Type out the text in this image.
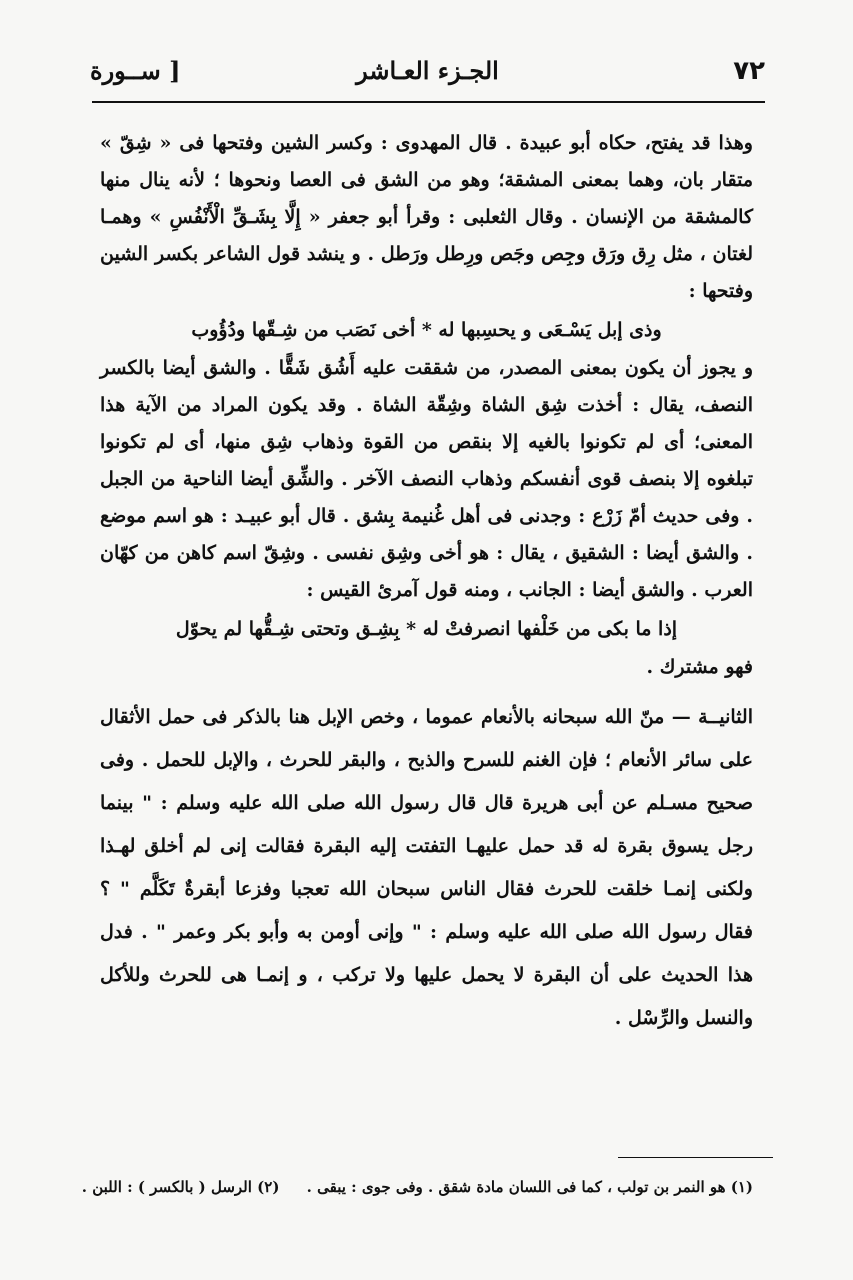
٧٢
الجـزء العـاشر
[ ســورة

وهذا قد يفتح، حكاه أبو عبيدة . قال المهدوى : وكسر الشين وفتحها فى « شِقّ » متقار بان، وهما بمعنى المشقة؛ وهو من الشق فى العصا ونحوها ؛ لأنه ينال منها كالمشقة من الإنسان . وقال الثعلبى : وقرأ أبو جعفر « إِلَّا بِشَـقِّ الْأَنْفُسِ » وهمـا لغتان ، مثل رِق ورَق وجِص وجَص ورِطل ورَطل . و ينشد قول الشاعر بكسر الشين وفتحها :

وذى إبل يَسْـعَى و يحسِبها له * أخى نَصَب من شِـقّها ودُؤُوب

و يجوز أن يكون بمعنى المصدر، من شققت عليه أَشُق شَقًّا . والشق أيضا بالكسر النصف، يقال : أخذت شِق الشاة وشِقّة الشاة . وقد يكون المراد من الآية هذا المعنى؛ أى لم تكونوا بالغيه إلا بنقص من القوة وذهاب شِق منها، أى لم تكونوا تبلغوه إلا بنصف قوى أنفسكم وذهاب النصف الآخر . والشِّق أيضا الناحية من الجبل . وفى حديث أمّ زَرْع : وجدنى فى أهل غُنيمة بِشق . قال أبو عبيـد : هو اسم موضع . والشق أيضا : الشقيق ، يقال : هو أخى وشِق نفسى . وشِقّ اسم كاهن من كهّان العرب . والشق أيضا : الجانب ، ومنه قول آمرئ القيس :

إذا ما بكى من خَلْفها انصرفتْ له * بِشِـق وتحتى شِـقُّها لم يحوّل

فهو مشترك .

الثانيــة — منّ الله سبحانه بالأنعام عموما ، وخص الإبل هنا بالذكر فى حمل الأثقال على سائر الأنعام ؛ فإن الغنم للسرح والذبح ، والبقر للحرث ، والإبل للحمل . وفى صحيح مسـلم عن أبى هريرة قال قال رسول الله صلى الله عليه وسلم : " بينما رجل يسوق بقرة له قد حمل عليهـا التفتت إليه البقرة فقالت إنى لم أخلق لهـذا ولكنى إنمـا خلقت للحرث فقال الناس سبحان الله تعجبا وفزعا أبقرةٌ تَكَلَّم " ؟ فقال رسول الله صلى الله عليه وسلم : " وإنى أومن به وأبو بكر وعمر " . فدل هذا الحديث على أن البقرة لا يحمل عليها ولا تركب ، و إنمـا هى للحرث وللأكل والنسل والرِّسْل .

(١) هو النمر بن تولب ، كما فى اللسان مادة شقق . وفى جوى : يبقى . (٢) الرسل ( بالكسر ) : اللبن .
